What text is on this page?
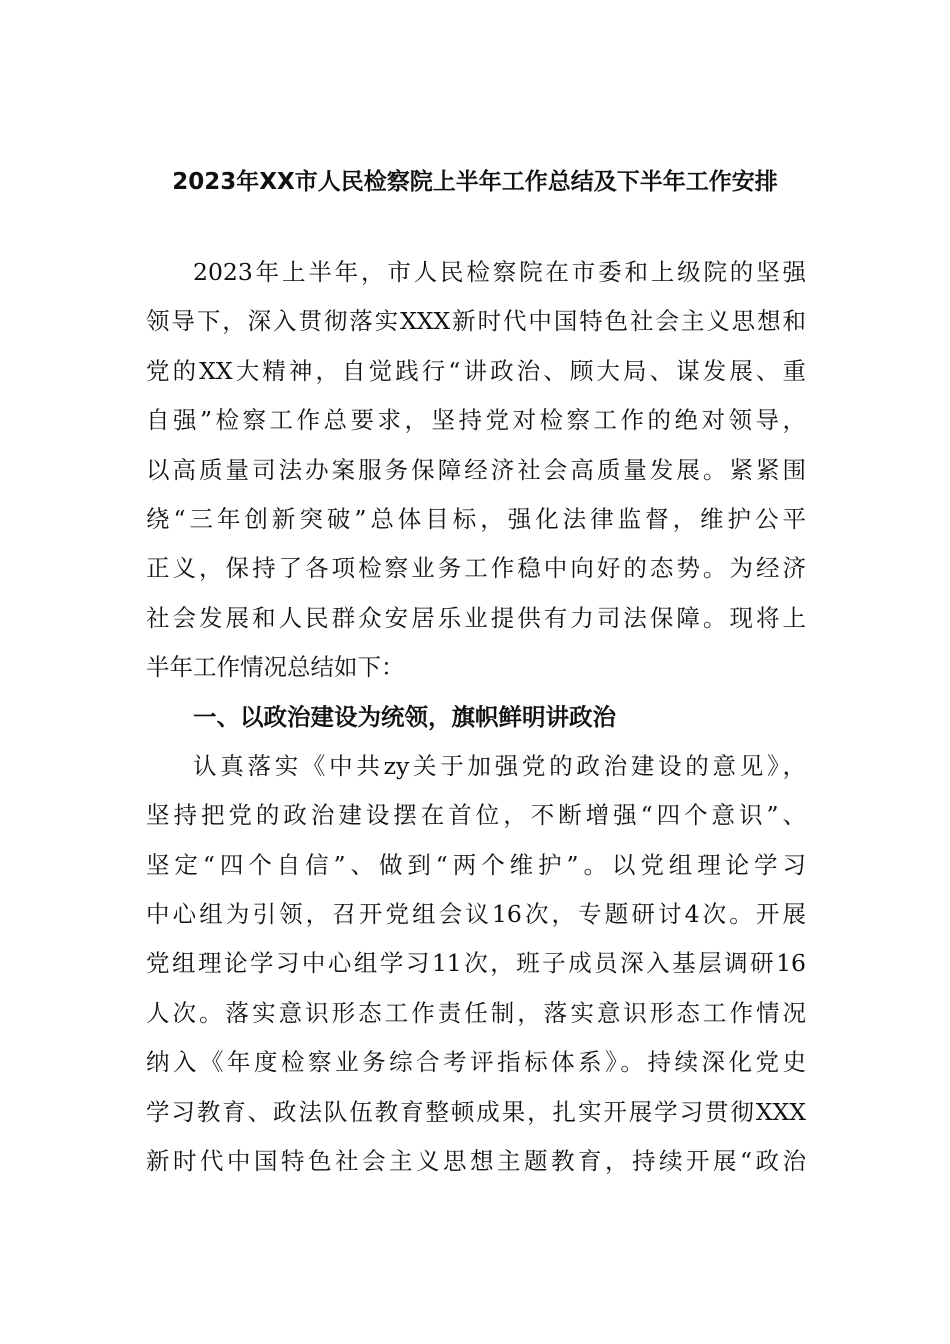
2023年XX市人民检察院上半年工作总结及下半年工作安排
2023年上半年，市人民检察院在市委和上级院的坚强
领导下，深入贯彻落实XXX新时代中国特色社会主义思想和
党的XX大精神，自觉践行“讲政治、顾大局、谋发展、重
自强”检察工作总要求，坚持党对检察工作的绝对领导，
以高质量司法办案服务保障经济社会高质量发展。紧紧围
绕“三年创新突破”总体目标，强化法律监督，维护公平
正义，保持了各项检察业务工作稳中向好的态势。为经济
社会发展和人民群众安居乐业提供有力司法保障。现将上
半年工作情况总结如下：
一、以政治建设为统领，旗帜鲜明讲政治
认真落实《中共zy关于加强党的政治建设的意见》，
坚持把党的政治建设摆在首位，不断增强“四个意识”、
坚定“四个自信”、做到“两个维护”。以党组理论学习
中心组为引领，召开党组会议16次，专题研讨4次。开展
党组理论学习中心组学习11次，班子成员深入基层调研16
人次。落实意识形态工作责任制，落实意识形态工作情况
纳入《年度检察业务综合考评指标体系》。持续深化党史
学习教育、政法队伍教育整顿成果，扎实开展学习贯彻XXX
新时代中国特色社会主义思想主题教育，持续开展“政治
